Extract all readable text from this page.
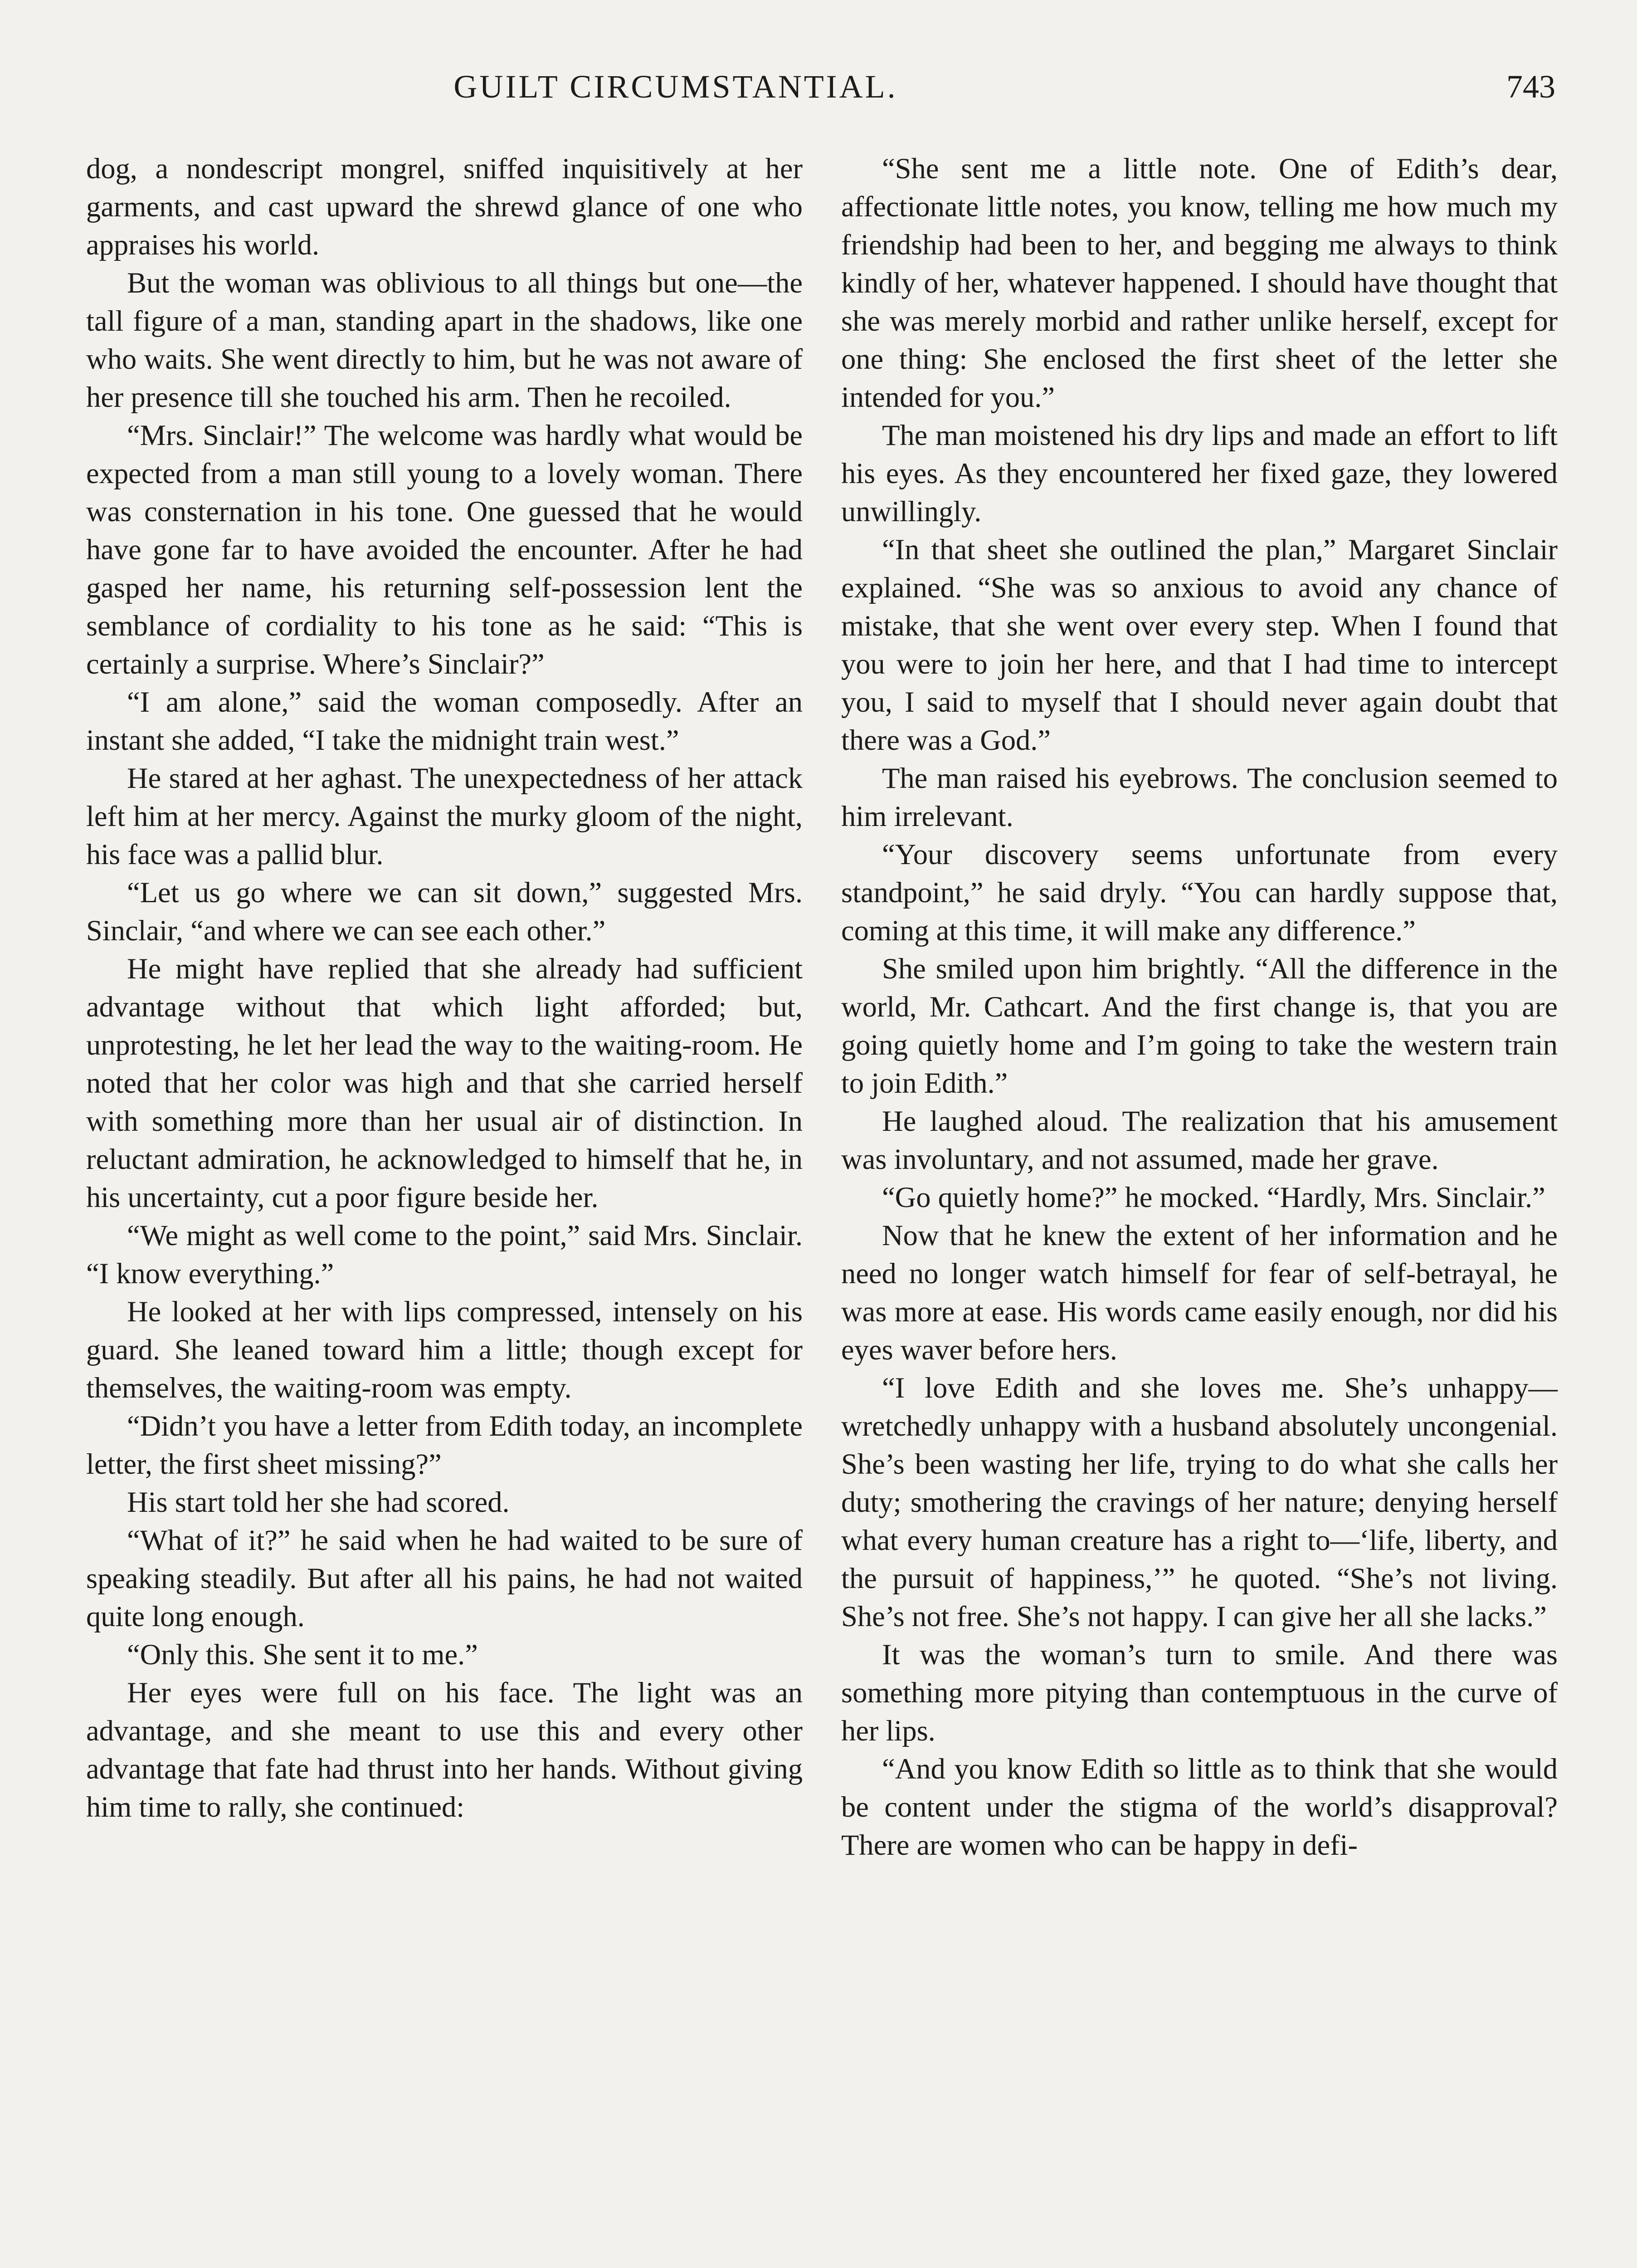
GUILT CIRCUMSTANTIAL.	743

dog, a nondescript mongrel, sniffed inquisitively at her garments, and cast upward the shrewd glance of one who appraises his world.

But the woman was oblivious to all things but one—the tall figure of a man, standing apart in the shadows, like one who waits. She went directly to him, but he was not aware of her presence till she touched his arm. Then he recoiled.

“Mrs. Sinclair!” The welcome was hardly what would be expected from a man still young to a lovely woman. There was consternation in his tone. One guessed that he would have gone far to have avoided the encounter. After he had gasped her name, his returning self-possession lent the semblance of cordiality to his tone as he said: “This is certainly a surprise. Where’s Sinclair?”

“I am alone,” said the woman composedly. After an instant she added, “I take the midnight train west.”

He stared at her aghast. The unexpectedness of her attack left him at her mercy. Against the murky gloom of the night, his face was a pallid blur.

“Let us go where we can sit down,” suggested Mrs. Sinclair, “and where we can see each other.”

He might have replied that she already had sufficient advantage without that which light afforded; but, unprotesting, he let her lead the way to the waiting-room. He noted that her color was high and that she carried herself with something more than her usual air of distinction. In reluctant admiration, he acknowledged to himself that he, in his uncertainty, cut a poor figure beside her.

“We might as well come to the point,” said Mrs. Sinclair. “I know everything.”

He looked at her with lips compressed, intensely on his guard. She leaned toward him a little; though except for themselves, the waiting-room was empty.

“Didn’t you have a letter from Edith today, an incomplete letter, the first sheet missing?”

His start told her she had scored.

“What of it?” he said when he had waited to be sure of speaking steadily. But after all his pains, he had not waited quite long enough.

“Only this. She sent it to me.”

Her eyes were full on his face. The light was an advantage, and she meant to use this and every other advantage that fate had thrust into her hands. Without giving him time to rally, she continued:

“She sent me a little note. One of Edith’s dear, affectionate little notes, you know, telling me how much my friendship had been to her, and begging me always to think kindly of her, whatever happened. I should have thought that she was merely morbid and rather unlike herself, except for one thing: She enclosed the first sheet of the letter she intended for you.”

The man moistened his dry lips and made an effort to lift his eyes. As they encountered her fixed gaze, they lowered unwillingly.

“In that sheet she outlined the plan,” Margaret Sinclair explained. “She was so anxious to avoid any chance of mistake, that she went over every step. When I found that you were to join her here, and that I had time to intercept you, I said to myself that I should never again doubt that there was a God.”

The man raised his eyebrows. The conclusion seemed to him irrelevant.

“Your discovery seems unfortunate from every standpoint,” he said dryly. “You can hardly suppose that, coming at this time, it will make any difference.”

She smiled upon him brightly. “All the difference in the world, Mr. Cathcart. And the first change is, that you are going quietly home and I’m going to take the western train to join Edith.”

He laughed aloud. The realization that his amusement was involuntary, and not assumed, made her grave.

“Go quietly home?” he mocked. “Hardly, Mrs. Sinclair.”

Now that he knew the extent of her information and he need no longer watch himself for fear of self-betrayal, he was more at ease. His words came easily enough, nor did his eyes waver before hers.

“I love Edith and she loves me. She’s unhappy—wretchedly unhappy with a husband absolutely uncongenial. She’s been wasting her life, trying to do what she calls her duty; smothering the cravings of her nature; denying herself what every human creature has a right to—‘life, liberty, and the pursuit of happiness,’” he quoted. “She’s not living. She’s not free. She’s not happy. I can give her all she lacks.”

It was the woman’s turn to smile. And there was something more pitying than contemptuous in the curve of her lips.

“And you know Edith so little as to think that she would be content under the stigma of the world’s disapproval? There are women who can be happy in defi-
